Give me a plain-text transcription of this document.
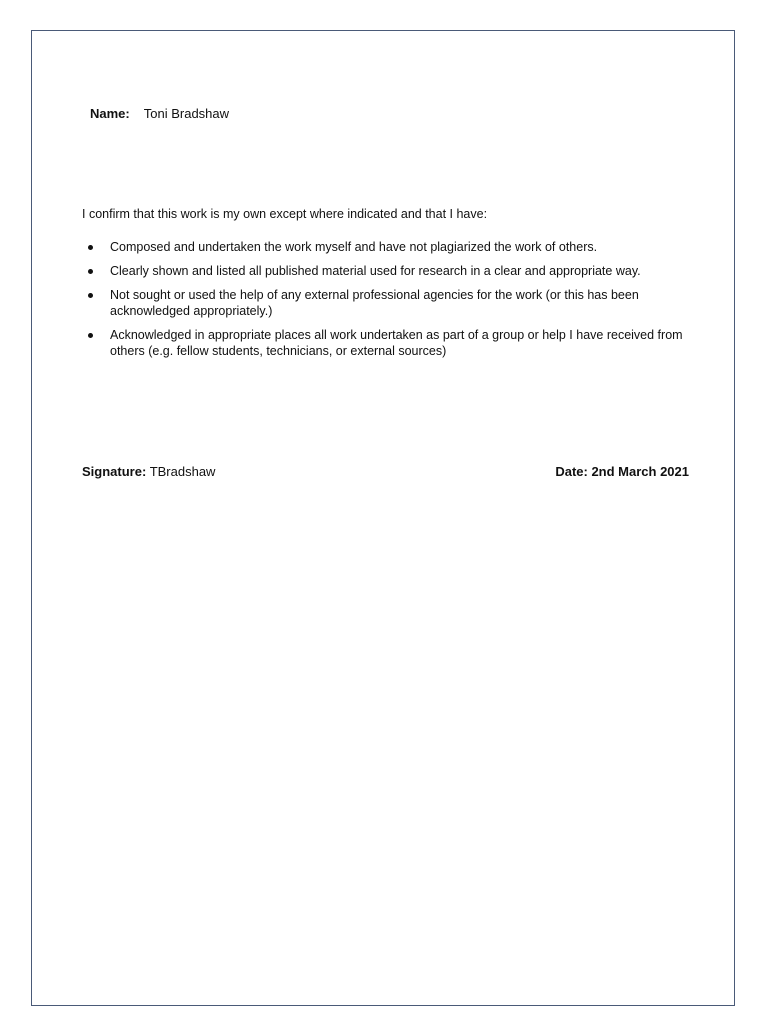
Name: Toni Bradshaw

I confirm that this work is my own except where indicated and that I have:

Composed and undertaken the work myself and have not plagiarized the work of others.
Clearly shown and listed all published material used for research in a clear and appropriate way.
Not sought or used the help of any external professional agencies for the work (or this has been acknowledged appropriately.)
Acknowledged in appropriate places all work undertaken as part of a group or help I have received from others (e.g. fellow students, technicians, or external sources)
Signature: TBradshaw	Date: 2nd March 2021
